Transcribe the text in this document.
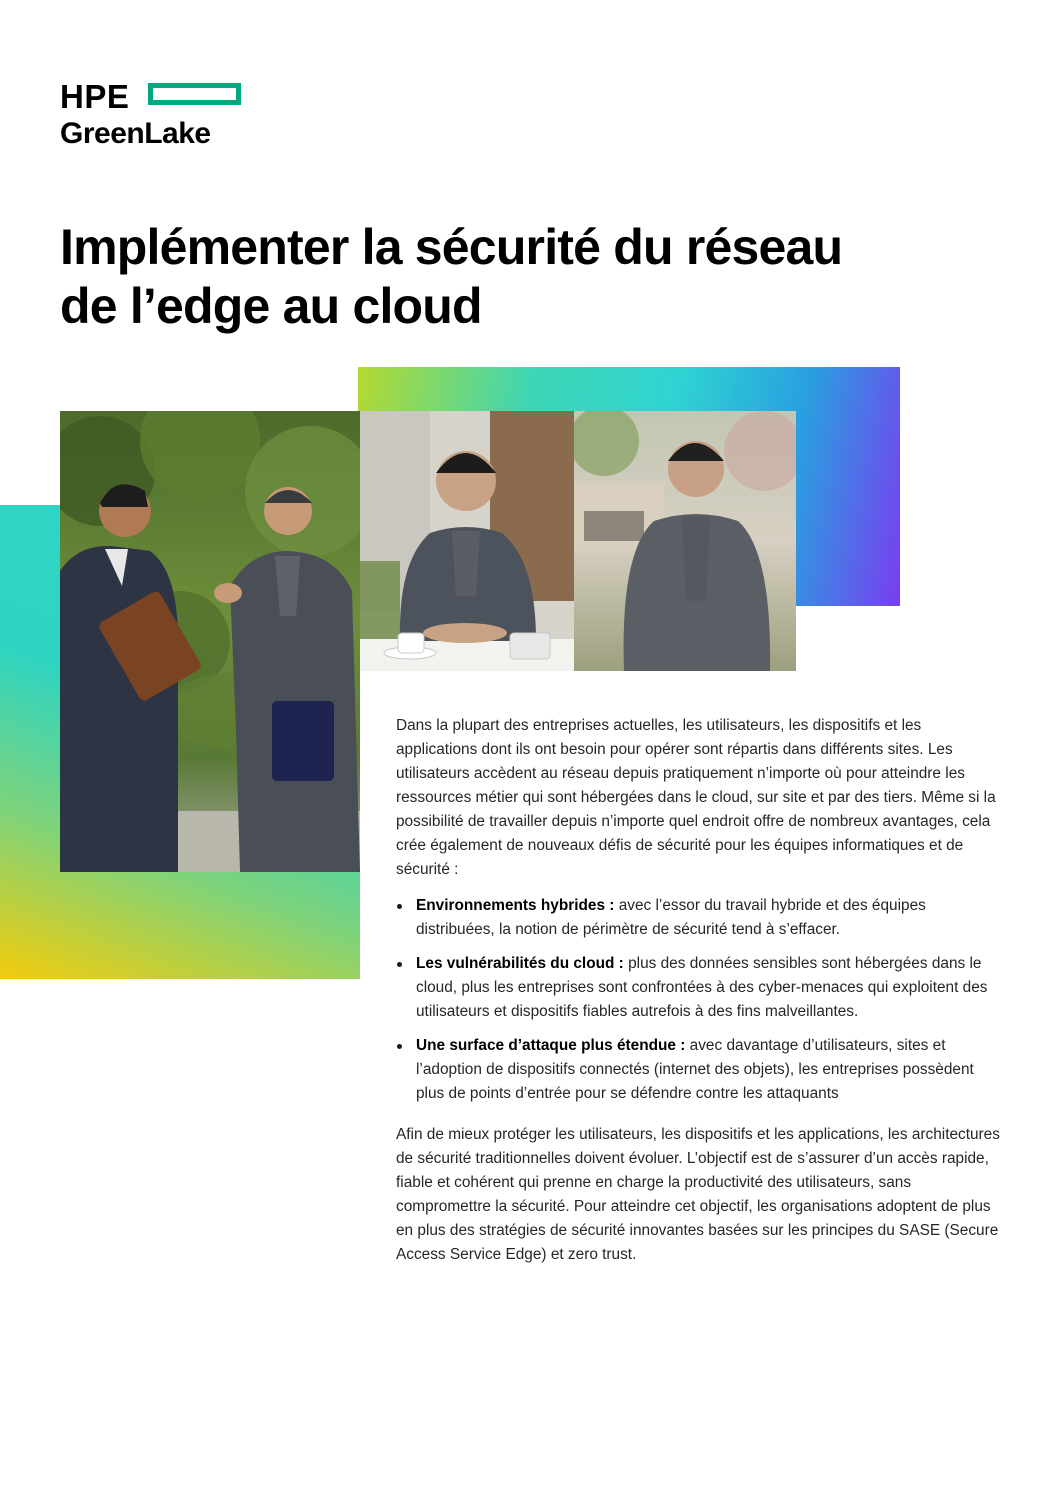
HPE
GreenLake
Implémenter la sécurité du réseau
de l’edge au cloud

Dans la plupart des entreprises actuelles, les utilisateurs, les dispositifs et les applications dont ils ont besoin pour opérer sont répartis dans différents sites. Les utilisateurs accèdent au réseau depuis pratiquement n’importe où pour atteindre les ressources métier qui sont hébergées dans le cloud, sur site et par des tiers. Même si la possibilité de travailler depuis n’importe quel endroit offre de nombreux avantages, cela crée également de nouveaux défis de sécurité pour les équipes informatiques et de sécurité :

Environnements hybrides : avec l’essor du travail hybride et des équipes distribuées, la notion de périmètre de sécurité tend à s’effacer.
Les vulnérabilités du cloud : plus des données sensibles sont hébergées dans le cloud, plus les entreprises sont confrontées à des cyber-menaces qui exploitent des utilisateurs et dispositifs fiables autrefois à des fins malveillantes.
Une surface d’attaque plus étendue : avec davantage d’utilisateurs, sites et l’adoption de dispositifs connectés (internet des objets), les entreprises possèdent plus de points d’entrée pour se défendre contre les attaquants

Afin de mieux protéger les utilisateurs, les dispositifs et les applications, les architectures de sécurité traditionnelles doivent évoluer. L’objectif est de s’assurer d’un accès rapide, fiable et cohérent qui prenne en charge la productivité des utilisateurs, sans compromettre la sécurité. Pour atteindre cet objectif, les organisations adoptent de plus en plus des stratégies de sécurité innovantes basées sur les principes du SASE (Secure Access Service Edge) et zero trust.
